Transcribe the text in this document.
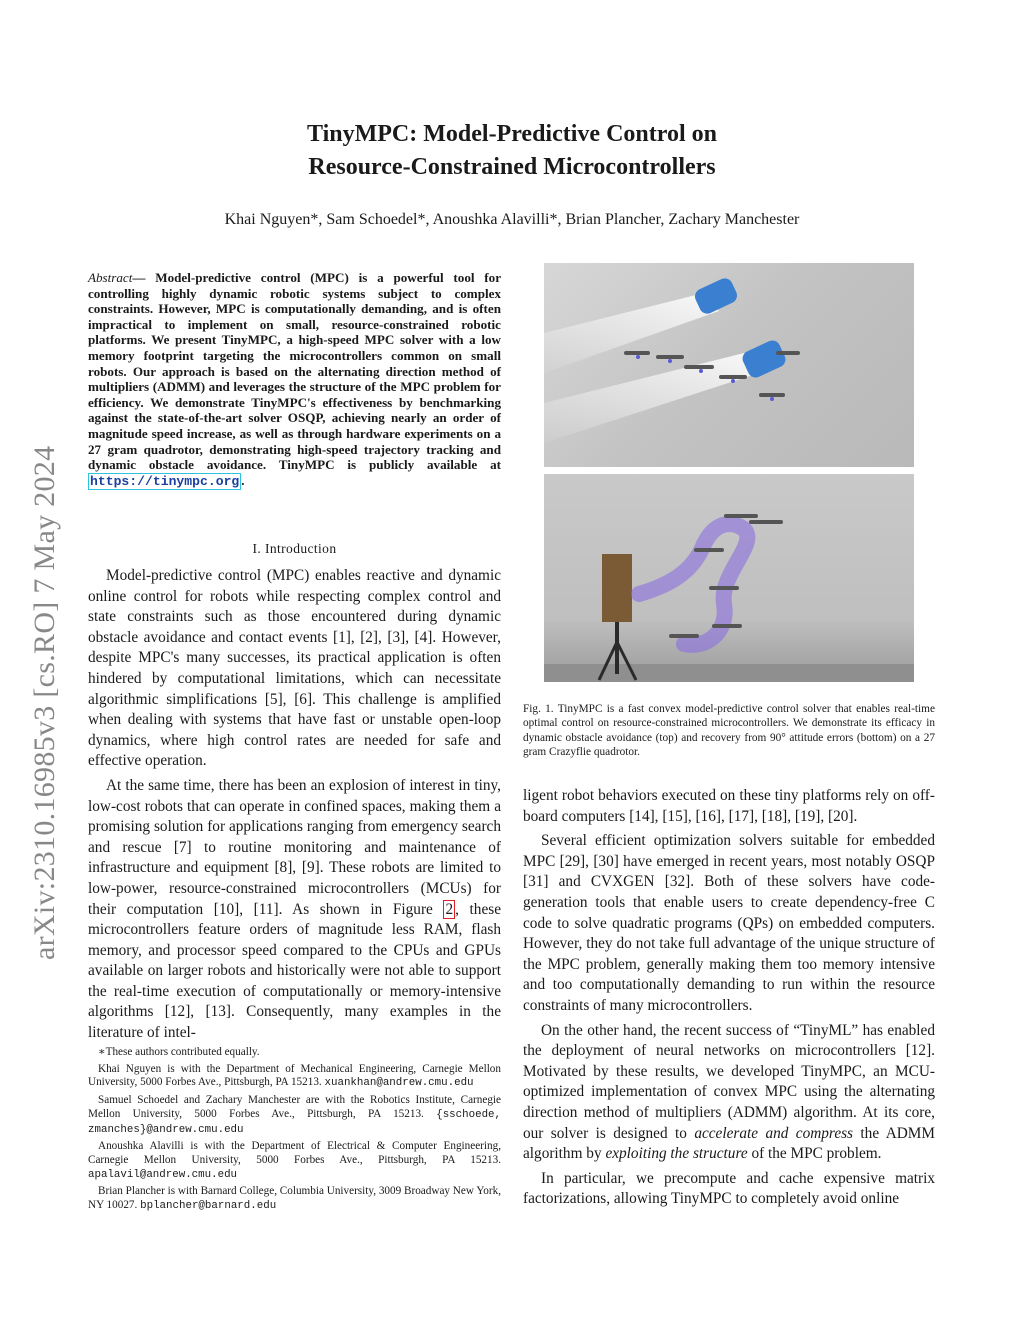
arXiv:2310.16985v3 [cs.RO] 7 May 2024
TinyMPC: Model-Predictive Control on
Resource-Constrained Microcontrollers
Khai Nguyen*, Sam Schoedel*, Anoushka Alavilli*, Brian Plancher, Zachary Manchester
Abstract— Model-predictive control (MPC) is a powerful tool for controlling highly dynamic robotic systems subject to complex constraints. However, MPC is computationally demanding, and is often impractical to implement on small, resource-constrained robotic platforms. We present TinyMPC, a high-speed MPC solver with a low memory footprint targeting the microcontrollers common on small robots. Our approach is based on the alternating direction method of multipliers (ADMM) and leverages the structure of the MPC problem for efficiency. We demonstrate TinyMPC's effectiveness by benchmarking against the state-of-the-art solver OSQP, achieving nearly an order of magnitude speed increase, as well as through hardware experiments on a 27 gram quadrotor, demonstrating high-speed trajectory tracking and dynamic obstacle avoidance. TinyMPC is publicly available at https://tinympc.org .
I. Introduction

Model-predictive control (MPC) enables reactive and dynamic online control for robots while respecting complex control and state constraints such as those encountered during dynamic obstacle avoidance and contact events [1], [2], [3], [4]. However, despite MPC's many successes, its practical application is often hindered by computational limitations, which can necessitate algorithmic simplifications [5], [6]. This challenge is amplified when dealing with systems that have fast or unstable open-loop dynamics, where high control rates are needed for safe and effective operation.

At the same time, there has been an explosion of interest in tiny, low-cost robots that can operate in confined spaces, making them a promising solution for applications ranging from emergency search and rescue [7] to routine monitoring and maintenance of infrastructure and equipment [8], [9]. These robots are limited to low-power, resource-constrained microcontrollers (MCUs) for their computation [10], [11]. As shown in Figure 2 , these microcontrollers feature orders of magnitude less RAM, flash memory, and processor speed compared to the CPUs and GPUs available on larger robots and historically were not able to support the real-time execution of computationally or memory-intensive algorithms [12], [13]. Consequently, many examples in the literature of intel-

∗These authors contributed equally.

Khai Nguyen is with the Department of Mechanical Engineering, Carnegie Mellon University, 5000 Forbes Ave., Pittsburgh, PA 15213. xuankhan@andrew.cmu.edu

Samuel Schoedel and Zachary Manchester are with the Robotics Institute, Carnegie Mellon University, 5000 Forbes Ave., Pittsburgh, PA 15213. {sschoede, zmanches}@andrew.cmu.edu

Anoushka Alavilli is with the Department of Electrical & Computer Engineering, Carnegie Mellon University, 5000 Forbes Ave., Pittsburgh, PA 15213. apalavil@andrew.cmu.edu

Brian Plancher is with Barnard College, Columbia University, 3009 Broadway New York, NY 10027. bplancher@barnard.edu

Fig. 1. TinyMPC is a fast convex model-predictive control solver that enables real-time optimal control on resource-constrained microcontrollers. We demonstrate its efficacy in dynamic obstacle avoidance (top) and recovery from 90° attitude errors (bottom) on a 27 gram Crazyflie quadrotor.

ligent robot behaviors executed on these tiny platforms rely on off-board computers [14], [15], [16], [17], [18], [19], [20].

Several efficient optimization solvers suitable for embedded MPC [29], [30] have emerged in recent years, most notably OSQP [31] and CVXGEN [32]. Both of these solvers have code-generation tools that enable users to create dependency-free C code to solve quadratic programs (QPs) on embedded computers. However, they do not take full advantage of the unique structure of the MPC problem, generally making them too memory intensive and too computationally demanding to run within the resource constraints of many microcontrollers.

On the other hand, the recent success of “TinyML” has enabled the deployment of neural networks on microcontrollers [12]. Motivated by these results, we developed TinyMPC, an MCU-optimized implementation of convex MPC using the alternating direction method of multipliers (ADMM) algorithm. At its core, our solver is designed to accelerate and compress the ADMM algorithm by exploiting the structure of the MPC problem.

In particular, we precompute and cache expensive matrix factorizations, allowing TinyMPC to completely avoid online
